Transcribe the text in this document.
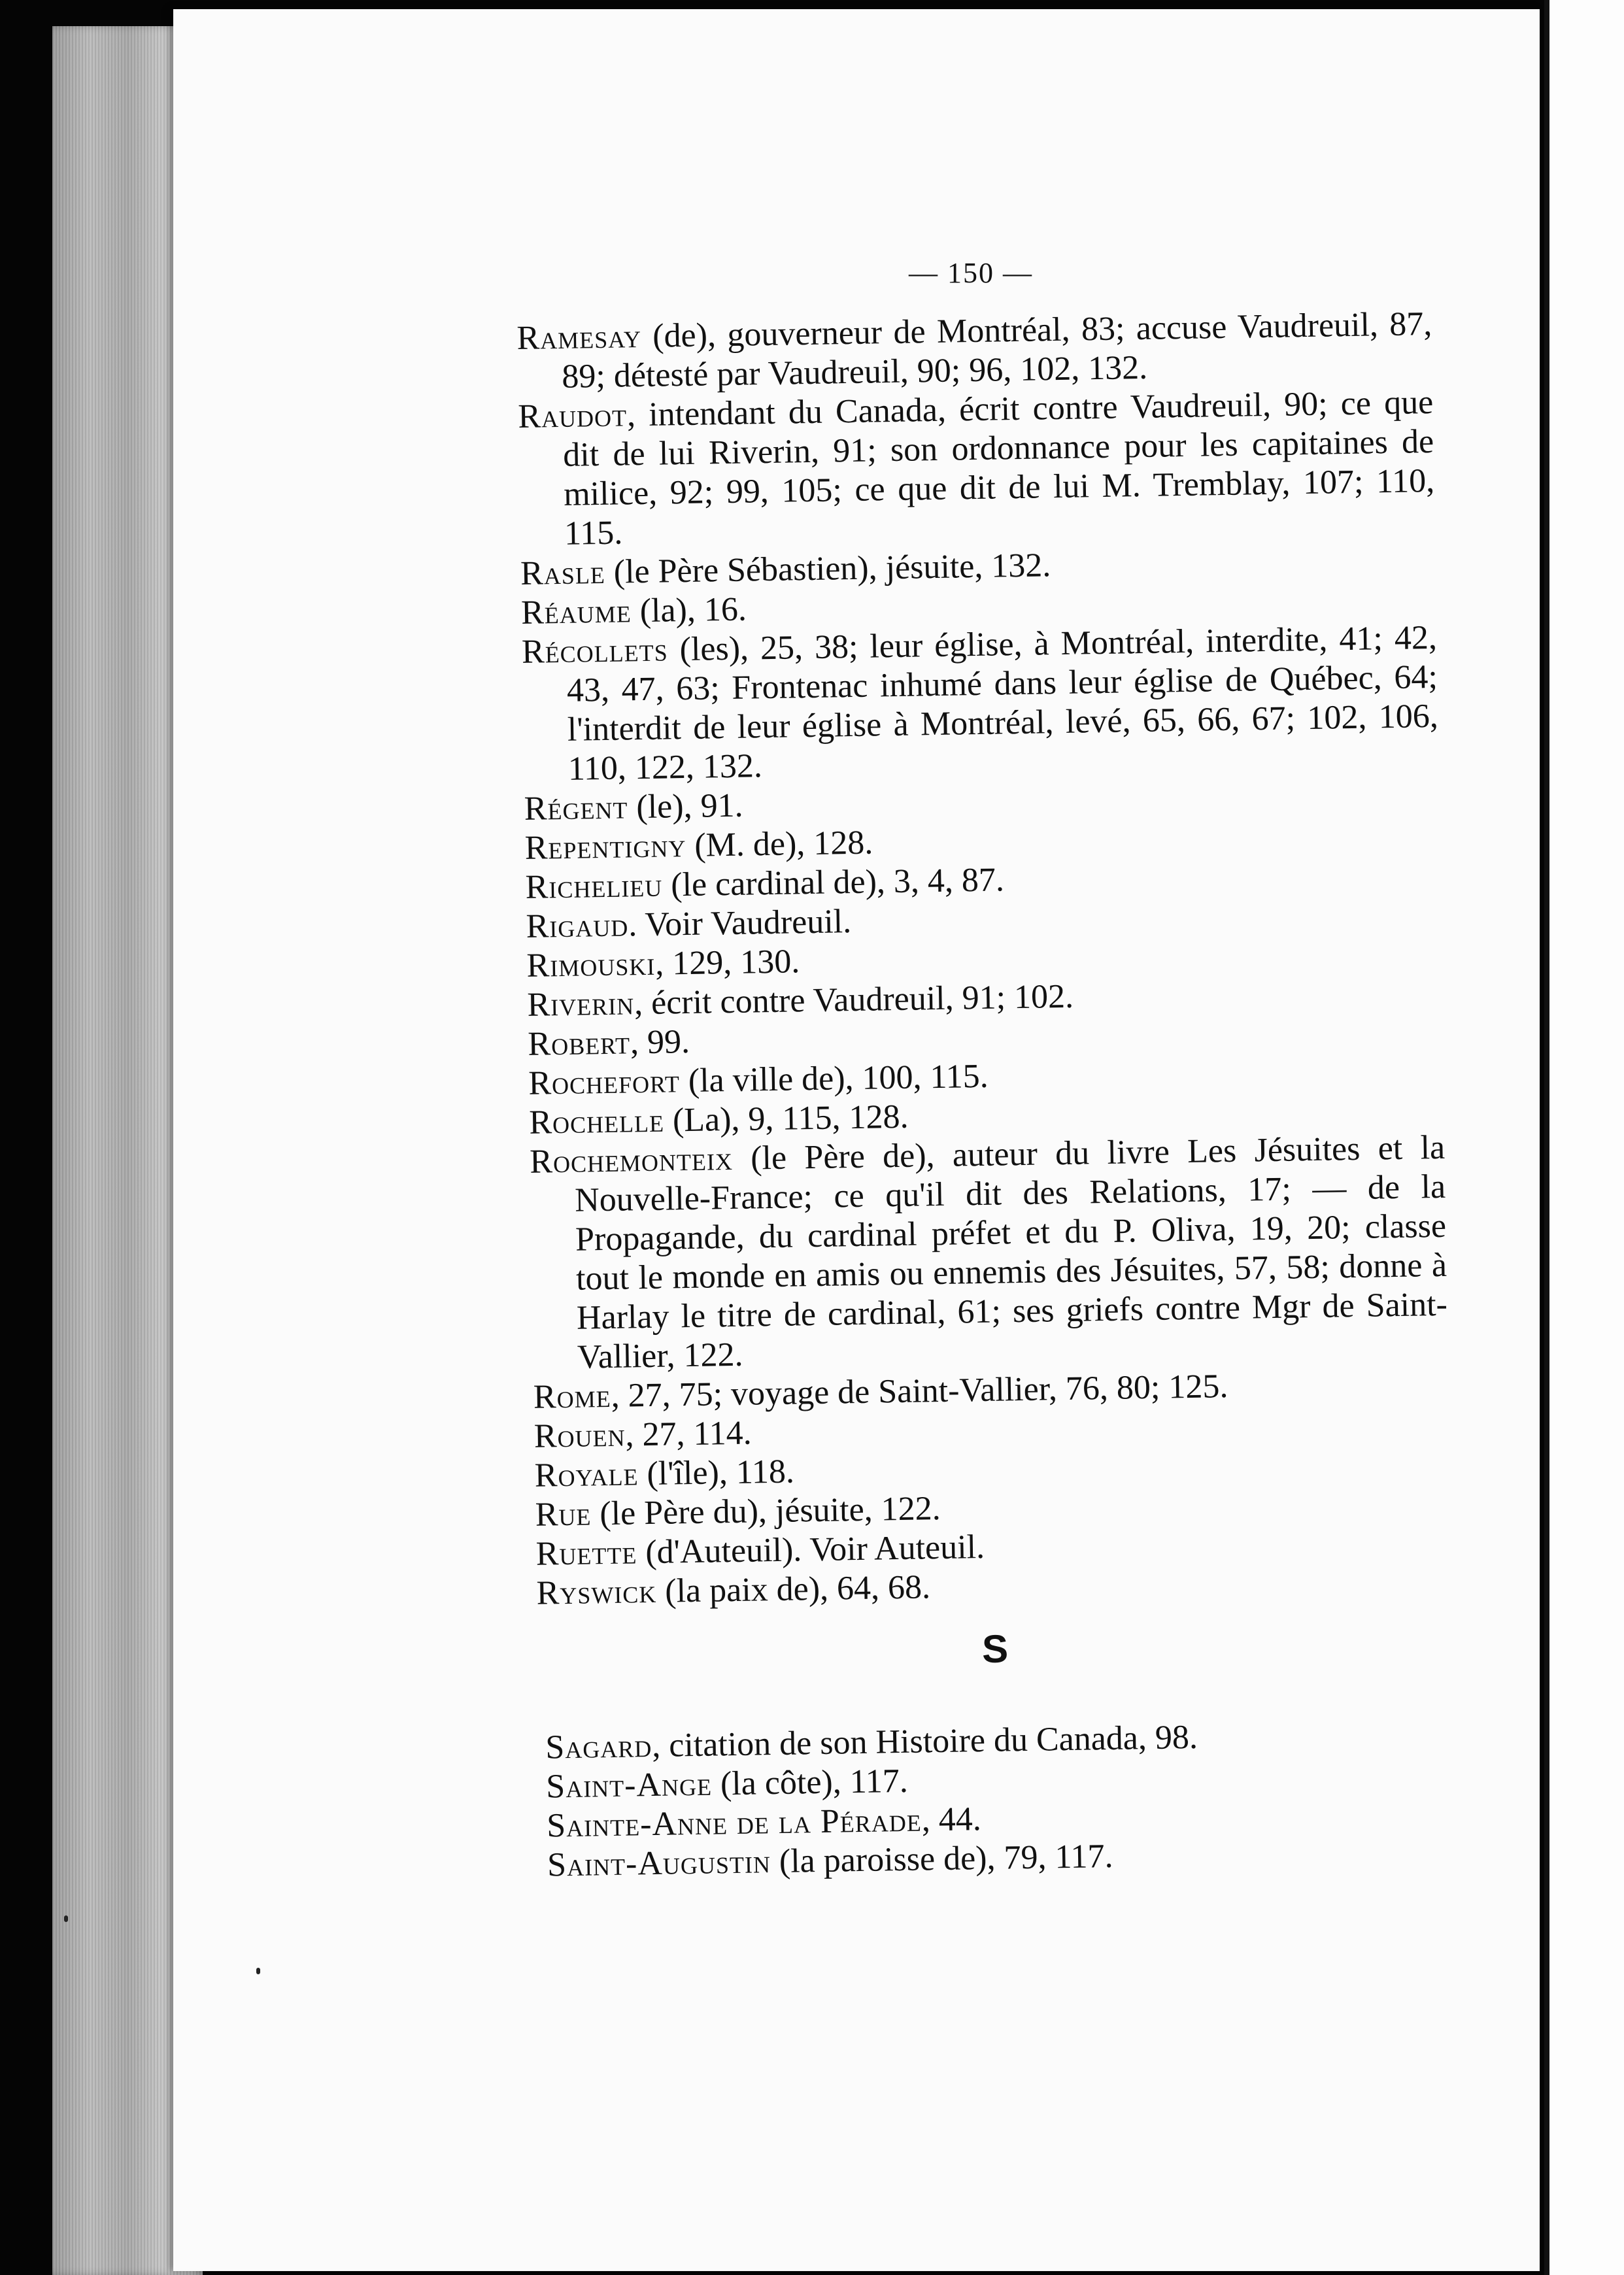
— 150 —

Ramesay (de), gouverneur de Montréal, 83; accuse Vaudreuil, 87, 89; détesté par Vaudreuil, 90; 96, 102, 132.

Raudot, intendant du Canada, écrit contre Vaudreuil, 90; ce que dit de lui Riverin, 91; son ordonnance pour les capitaines de milice, 92; 99, 105; ce que dit de lui M. Tremblay, 107; 110, 115.

Rasle (le Père Sébastien), jésuite, 132.

Réaume (la), 16.

Récollets (les), 25, 38; leur église, à Montréal, interdite, 41; 42, 43, 47, 63; Frontenac inhumé dans leur église de Québec, 64; l'interdit de leur église à Montréal, levé, 65, 66, 67; 102, 106, 110, 122, 132.

Régent (le), 91.

Repentigny (M. de), 128.

Richelieu (le cardinal de), 3, 4, 87.

Rigaud. Voir Vaudreuil.

Rimouski, 129, 130.

Riverin, écrit contre Vaudreuil, 91; 102.

Robert, 99.

Rochefort (la ville de), 100, 115.

Rochelle (La), 9, 115, 128.

Rochemonteix (le Père de), auteur du livre Les Jésuites et la Nouvelle-France; ce qu'il dit des Relations, 17; — de la Propagande, du cardinal préfet et du P. Oliva, 19, 20; classe tout le monde en amis ou ennemis des Jésuites, 57, 58; donne à Harlay le titre de cardinal, 61; ses griefs contre Mgr de Saint-Vallier, 122.

Rome, 27, 75; voyage de Saint-Vallier, 76, 80; 125.

Rouen, 27, 114.

Royale (l'île), 118.

Rue (le Père du), jésuite, 122.

Ruette (d'Auteuil). Voir Auteuil.

Ryswick (la paix de), 64, 68.

S

Sagard, citation de son Histoire du Canada, 98.

Saint-Ange (la côte), 117.

Sainte-Anne de la Pérade, 44.

Saint-Augustin (la paroisse de), 79, 117.
